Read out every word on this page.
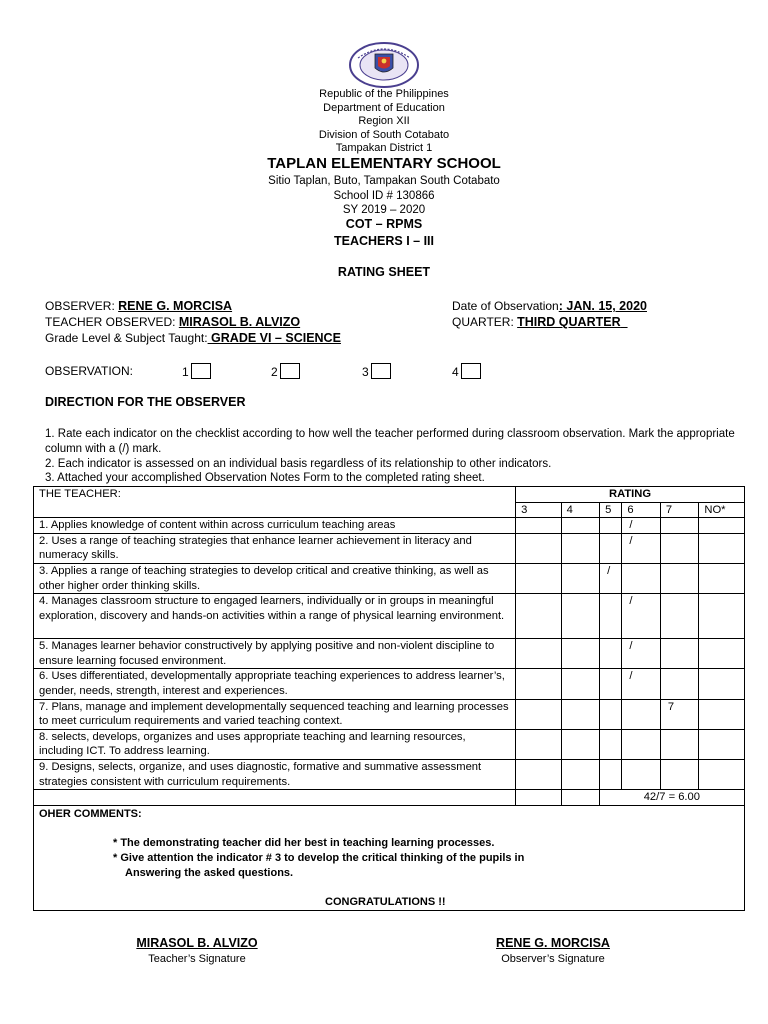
Republic of the Philippines
Department of Education
Region XII
Division of South Cotabato
Tampakan District 1
TAPLAN ELEMENTARY SCHOOL
Sitio Taplan, Buto, Tampakan South Cotabato
School ID # 130866
SY 2019 – 2020
COT – RPMS
TEACHERS I – III
RATING SHEET
OBSERVER: RENE G. MORCISA
TEACHER OBSERVED: MIRASOL B. ALVIZO
Grade Level & Subject Taught: GRADE VI – SCIENCE
Date of Observation: JAN. 15, 2020
QUARTER: THIRD QUARTER
OBSERVATION:	1	2	3	4
DIRECTION FOR THE OBSERVER
1. Rate each indicator on the checklist according to how well the teacher performed during classroom observation. Mark the appropriate column with a (/) mark.
2. Each indicator is assessed on an individual basis regardless of its relationship to other indicators.
3. Attached your accomplished Observation Notes Form to the completed rating sheet.
THE TEACHER:	RATING					
	3	4	5	6	7	NO*
1. Applies knowledge of content within across curriculum teaching areas				/		
2. Uses a range of teaching strategies that enhance learner achievement in literacy and numeracy skills.				/		
3. Applies a range of teaching strategies to develop critical and creative thinking, as well as other higher order thinking skills.			/			
4. Manages classroom structure to engaged learners, individually or in groups in meaningful exploration, discovery and hands-on activities within a range of physical learning environment.				/		
5. Manages learner behavior constructively by applying positive and non-violent discipline to ensure learning focused environment.				/		
6. Uses differentiated, developmentally appropriate teaching experiences to address learner’s, gender, needs, strength, interest and experiences.				/		
7. Plans, manage and implement developmentally sequenced teaching and learning processes to meet curriculum requirements and varied teaching context.					7	
8. selects, develops, organizes and uses appropriate teaching and learning resources, including ICT. To address learning.						
9. Designs, selects, organize, and uses diagnostic, formative and summative assessment strategies consistent with curriculum requirements.						
			42/7 = 6.00			

OHER COMMENTS:
* The demonstrating teacher did her best in teaching learning processes.
* Give attention the indicator # 3 to develop the critical thinking of the pupils in
Answering the asked questions.
CONGRATULATIONS !!						
MIRASOL B. ALVIZO
Teacher’s Signature
RENE G. MORCISA
Observer’s Signature
